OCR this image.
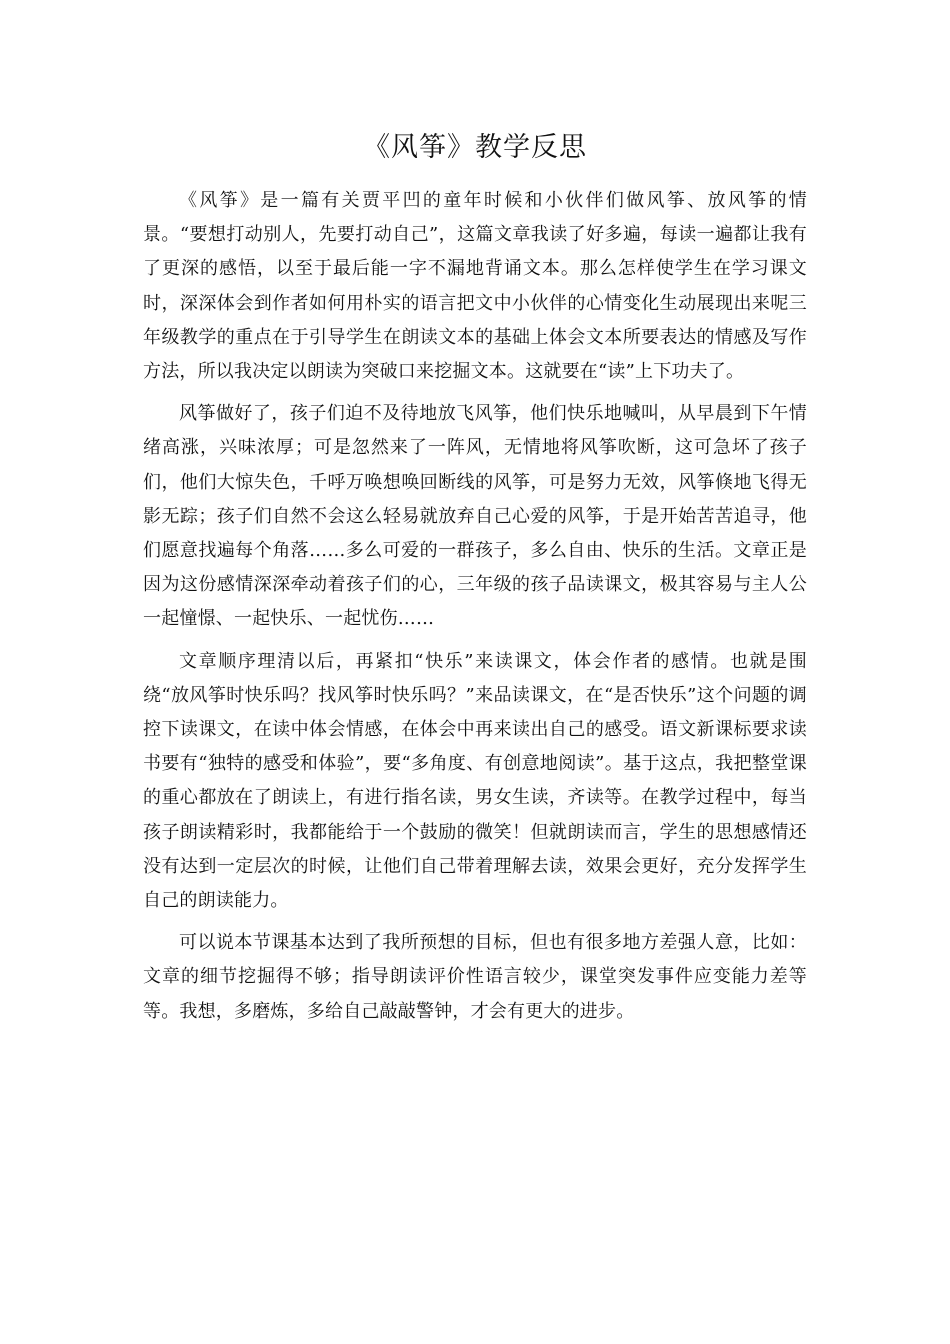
《风筝》教学反思

《风筝》是一篇有关贾平凹的童年时候和小伙伴们做风筝、放风筝的情景。“要想打动别人，先要打动自己”，这篇文章我读了好多遍，每读一遍都让我有了更深的感悟，以至于最后能一字不漏地背诵文本。那么怎样使学生在学习课文时，深深体会到作者如何用朴实的语言把文中小伙伴的心情变化生动展现出来呢三年级教学的重点在于引导学生在朗读文本的基础上体会文本所要表达的情感及写作方法，所以我决定以朗读为突破口来挖掘文本。这就要在“读”上下功夫了。

风筝做好了，孩子们迫不及待地放飞风筝，他们快乐地喊叫，从早晨到下午情绪高涨，兴味浓厚；可是忽然来了一阵风，无情地将风筝吹断，这可急坏了孩子们，他们大惊失色，千呼万唤想唤回断线的风筝，可是努力无效，风筝倏地飞得无影无踪；孩子们自然不会这么轻易就放弃自己心爱的风筝，于是开始苦苦追寻，他们愿意找遍每个角落……多么可爱的一群孩子，多么自由、快乐的生活。文章正是因为这份感情深深牵动着孩子们的心，三年级的孩子品读课文，极其容易与主人公一起憧憬、一起快乐、一起忧伤……

文章顺序理清以后，再紧扣“快乐”来读课文，体会作者的感情。也就是围绕“放风筝时快乐吗？找风筝时快乐吗？”来品读课文，在“是否快乐”这个问题的调控下读课文，在读中体会情感，在体会中再来读出自己的感受。语文新课标要求读书要有“独特的感受和体验”，要“多角度、有创意地阅读”。基于这点，我把整堂课的重心都放在了朗读上，有进行指名读，男女生读，齐读等。在教学过程中，每当孩子朗读精彩时，我都能给于一个鼓励的微笑！但就朗读而言，学生的思想感情还没有达到一定层次的时候，让他们自己带着理解去读，效果会更好，充分发挥学生自己的朗读能力。

可以说本节课基本达到了我所预想的目标，但也有很多地方差强人意，比如：文章的细节挖掘得不够；指导朗读评价性语言较少，课堂突发事件应变能力差等等。我想，多磨炼，多给自己敲敲警钟，才会有更大的进步。
